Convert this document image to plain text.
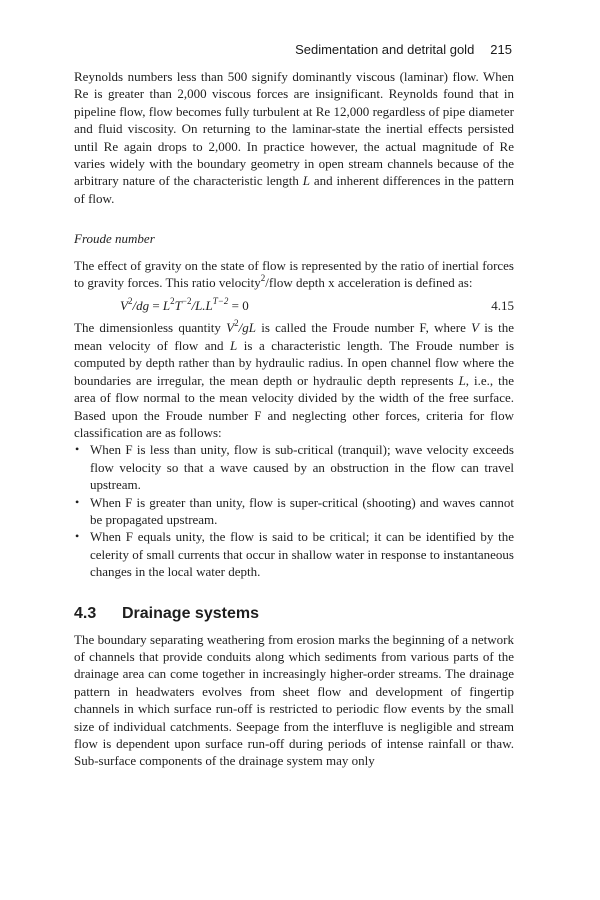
Sedimentation and detrital gold 215

Reynolds numbers less than 500 signify dominantly viscous (laminar) flow. When Re is greater than 2,000 viscous forces are insignificant. Reynolds found that in pipeline flow, flow becomes fully turbulent at Re 12,000 regardless of pipe diameter and fluid viscosity. On returning to the laminar-state the inertial effects persisted until Re again drops to 2,000. In practice however, the actual magnitude of Re varies widely with the boundary geometry in open stream channels because of the arbitrary nature of the characteristic length L and inherent differences in the pattern of flow.

Froude number

The effect of gravity on the state of flow is represented by the ratio of inertial forces to gravity forces. This ratio velocity$^2$/flow depth x acceleration is defined as:

$V^2/dg = L^2T^{-2}/L.L^{T-2} = 0$	4.15

The dimensionless quantity $V^2/gL$ is called the Froude number F, where V is the mean velocity of flow and L is a characteristic length. The Froude number is computed by depth rather than by hydraulic radius. In open channel flow where the boundaries are irregular, the mean depth or hydraulic depth represents L, i.e., the area of flow normal to the mean velocity divided by the width of the free surface. Based upon the Froude number F and neglecting other forces, criteria for flow classification are as follows:

• When F is less than unity, flow is sub-critical (tranquil); wave velocity exceeds flow velocity so that a wave caused by an obstruction in the flow can travel upstream.
• When F is greater than unity, flow is super-critical (shooting) and waves cannot be propagated upstream.
• When F equals unity, the flow is said to be critical; it can be identified by the celerity of small currents that occur in shallow water in response to instantaneous changes in the local water depth.
4.3 Drainage systems

The boundary separating weathering from erosion marks the beginning of a network of channels that provide conduits along which sediments from various parts of the drainage area can come together in increasingly higher-order streams. The drainage pattern in headwaters evolves from sheet flow and development of fingertip channels in which surface run-off is restricted to periodic flow events by the small size of individual catchments. Seepage from the interfluve is negligible and stream flow is dependent upon surface run-off during periods of intense rainfall or thaw. Sub-surface components of the drainage system may only
